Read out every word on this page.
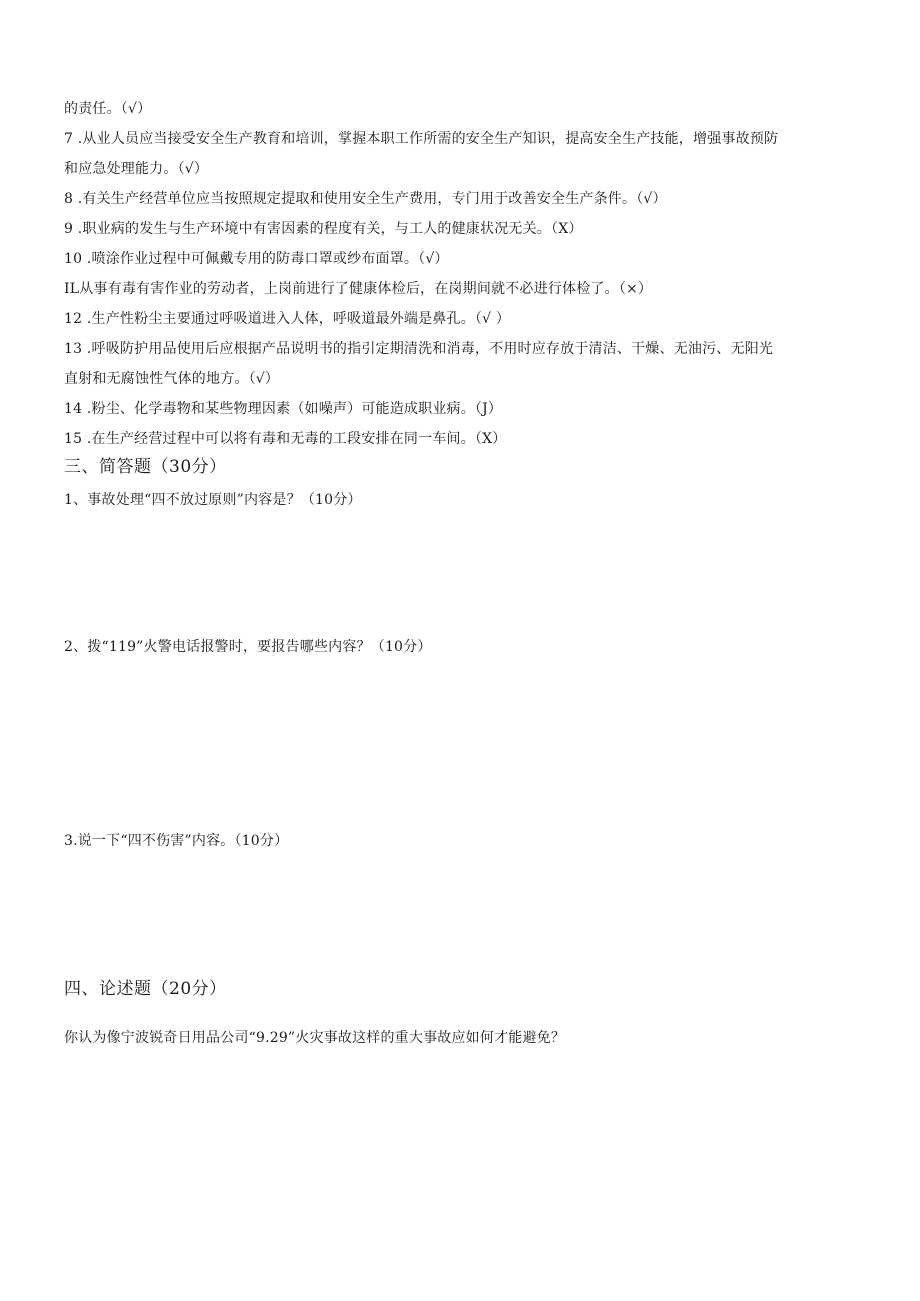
的责任。（√）
7 .从业人员应当接受安全生产教育和培训，掌握本职工作所需的安全生产知识，提高安全生产技能，增强事故预防
和应急处理能力。（√）
8 .有关生产经营单位应当按照规定提取和使用安全生产费用，专门用于改善安全生产条件。（√）
9 .职业病的发生与生产环境中有害因素的程度有关，与工人的健康状况无关。（X）
10 .喷涂作业过程中可佩戴专用的防毒口罩或纱布面罩。（√）
IL从事有毒有害作业的劳动者，上岗前进行了健康体检后，在岗期间就不必进行体检了。（×）
12 .生产性粉尘主要通过呼吸道进入人体，呼吸道最外端是鼻孔。（√ ）
13 .呼吸防护用品使用后应根据产品说明书的指引定期清洗和消毒，不用时应存放于清洁、干燥、无油污、无阳光
直射和无腐蚀性气体的地方。（√）
14 .粉尘、化学毒物和某些物理因素（如噪声）可能造成职业病。（J）
15 .在生产经营过程中可以将有毒和无毒的工段安排在同一车间。（X）
三、简答题（30分）
1、事故处理“四不放过原则”内容是？（10分）
2、拨“119”火警电话报警时，要报告哪些内容？（10分）
3.说一下“四不伤害”内容。（10分）
四、论述题（20分）
你认为像宁波锐奇日用品公司“9.29”火灾事故这样的重大事故应如何才能避免？
